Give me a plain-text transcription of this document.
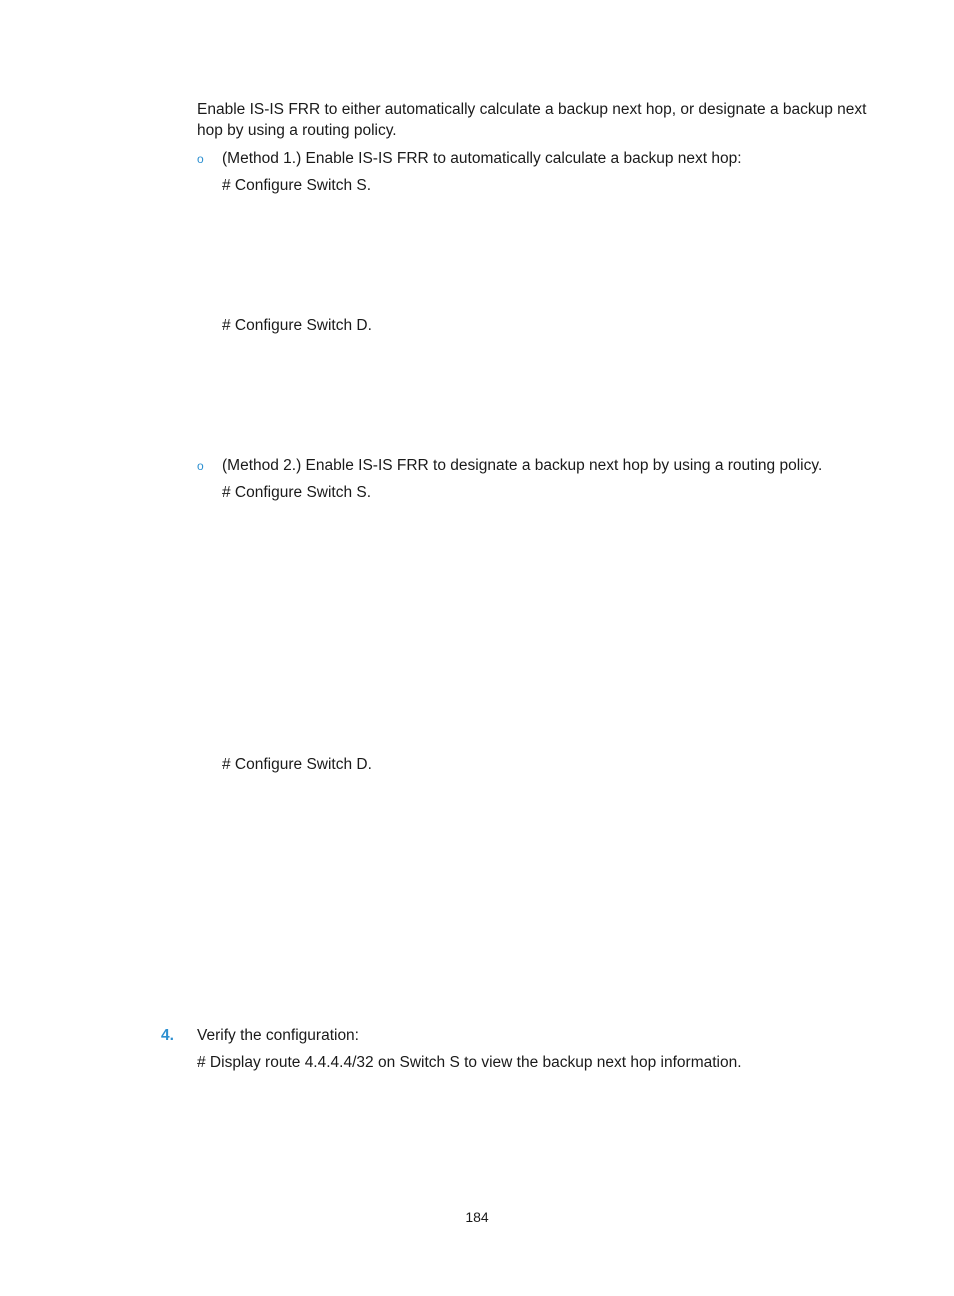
Enable IS-IS FRR to either automatically calculate a backup next hop, or designate a backup next hop by using a routing policy.
o (Method 1.) Enable IS-IS FRR to automatically calculate a backup next hop:
# Configure Switch S.
# Configure Switch D.
o (Method 2.) Enable IS-IS FRR to designate a backup next hop by using a routing policy.
# Configure Switch S.
# Configure Switch D.
4. Verify the configuration:
# Display route 4.4.4.4/32 on Switch S to view the backup next hop information.
184
